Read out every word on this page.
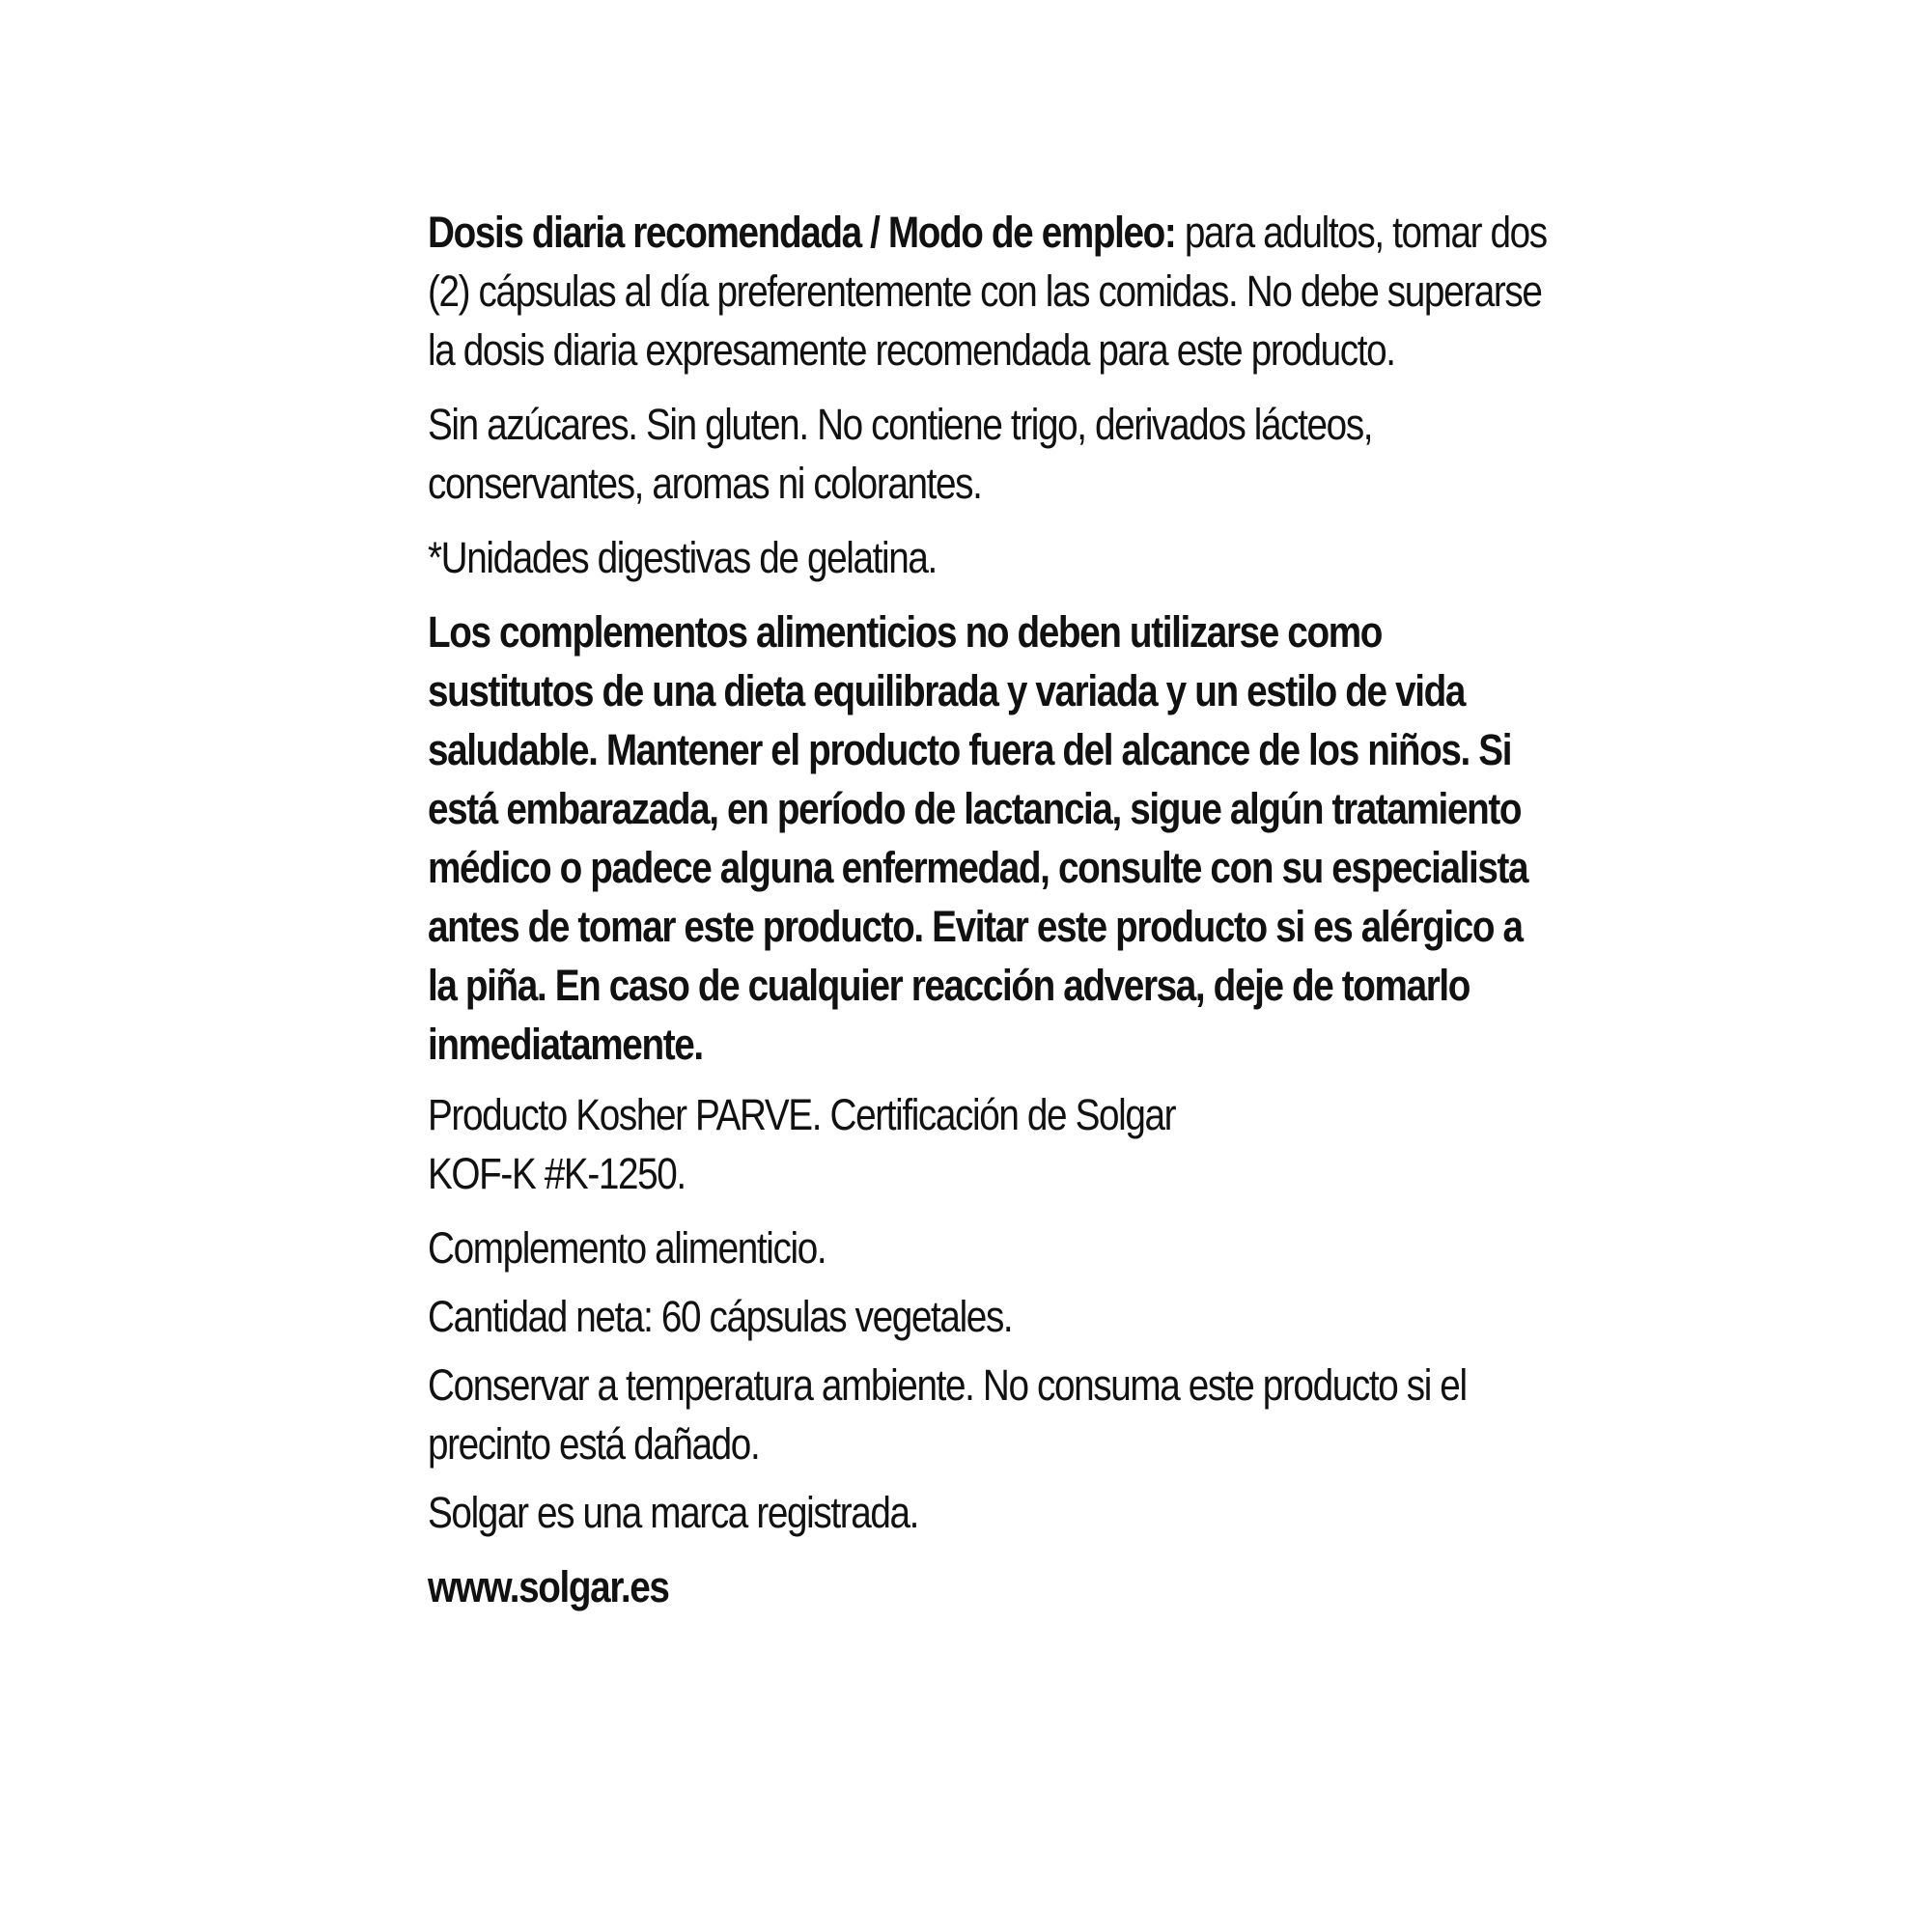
Dosis diaria recomendada / Modo de empleo: para adultos, tomar dos (2) cápsulas al día preferentemente con las comidas. No debe superarse la dosis diaria expresamente recomendada para este producto.

Sin azúcares. Sin gluten. No contiene trigo, derivados lácteos, conservantes, aromas ni colorantes.

*Unidades digestivas de gelatina.

Los complementos alimenticios no deben utilizarse como sustitutos de una dieta equilibrada y variada y un estilo de vida saludable. Mantener el producto fuera del alcance de los niños. Si está embarazada, en período de lactancia, sigue algún tratamiento médico o padece alguna enfermedad, consulte con su especialista antes de tomar este producto. Evitar este producto si es alérgico a la piña. En caso de cualquier reacción adversa, deje de tomarlo inmediatamente.

Producto Kosher PARVE. Certificación de Solgar
KOF-K #K-1250.

Complemento alimenticio.

Cantidad neta: 60 cápsulas vegetales.

Conservar a temperatura ambiente. No consuma este producto si el precinto está dañado.

Solgar es una marca registrada.

www.solgar.es
